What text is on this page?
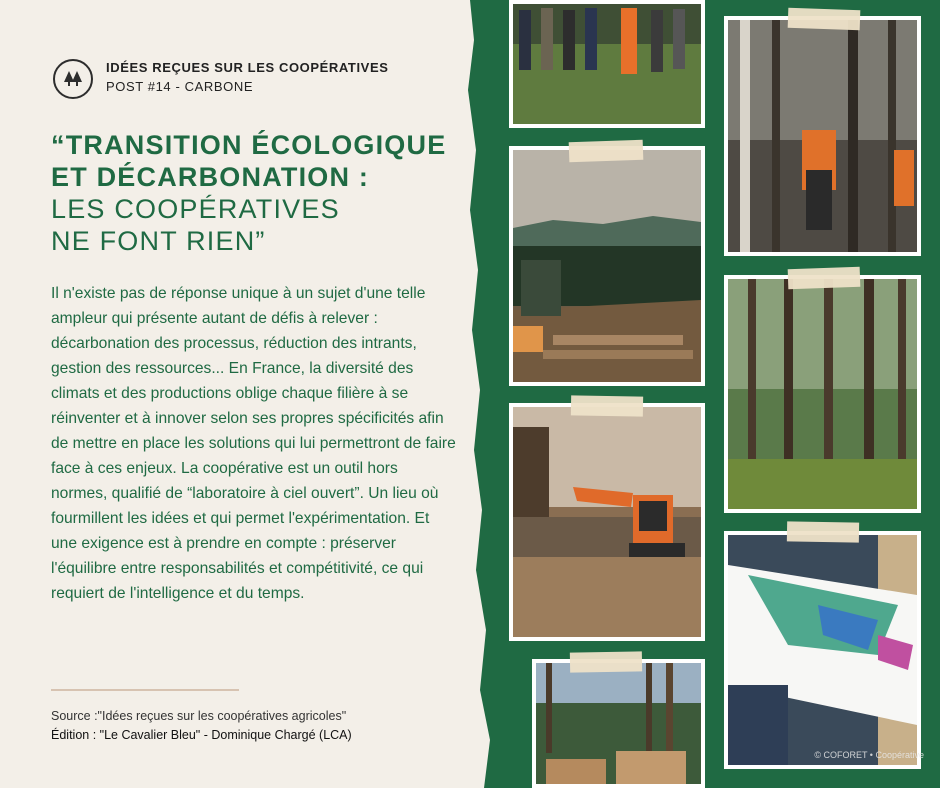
IDÉES REÇUES SUR LES COOPÉRATIVES
POST #14 - CARBONE
“TRANSITION ÉCOLOGIQUE
ET DÉCARBONATION :
LES COOPÉRATIVES
NE FONT RIEN”
Il n'existe pas de réponse unique à un sujet d'une telle ampleur qui présente autant de défis à relever : décarbonation des processus, réduction des intrants, gestion des ressources... En France, la diversité des climats et des productions oblige chaque filière à se réinventer et à innover selon ses propres spécificités afin de mettre en place les solutions qui lui permettront de faire face à ces enjeux. La coopérative est un outil hors normes, qualifié de “laboratoire à ciel ouvert”. Un lieu où fourmillent les idées et qui permet l'expérimentation. Et une exigence est à prendre en compte : préserver l'équilibre entre responsabilités et compétitivité, ce qui requiert de l'intelligence et du temps.
Source :"Idées reçues sur les coopératives agricoles"
Édition : "Le Cavalier Bleu" - Dominique Chargé (LCA)
© COFORET • Coopérative
